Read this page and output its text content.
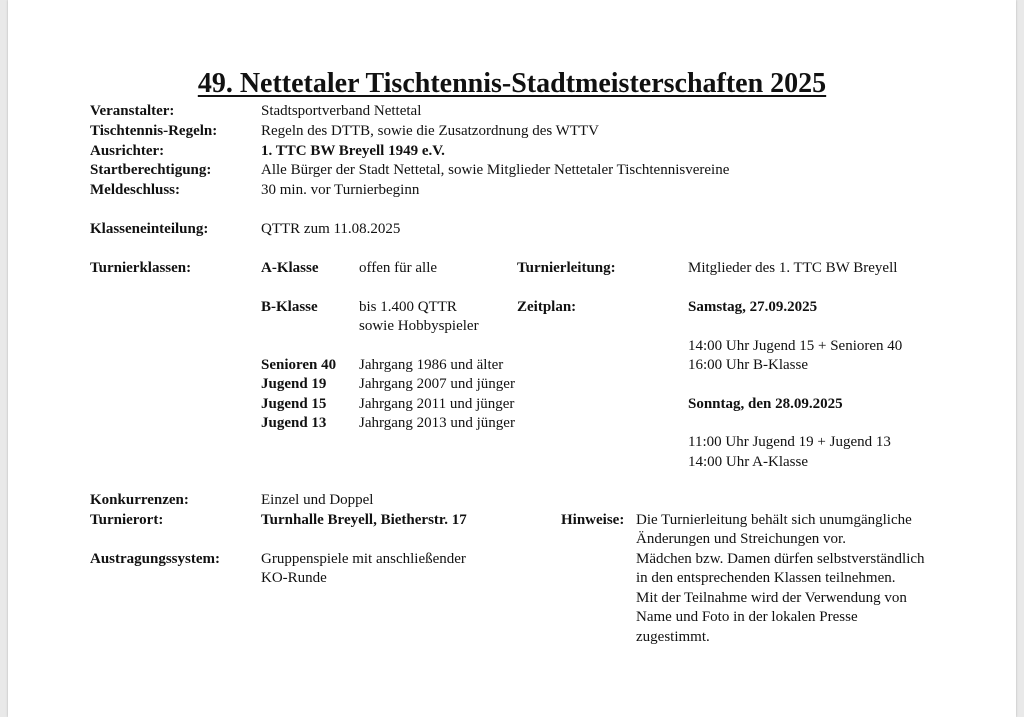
49. Nettetaler Tischtennis-Stadtmeisterschaften 2025
Veranstalter:	Stadtsportverband Nettetal
Tischtennis-Regeln:	Regeln des DTTB, sowie die Zusatzordnung des WTTV
Ausrichter:	1. TTC BW Breyell 1949 e.V.
Startberechtigung:	Alle Bürger der Stadt Nettetal, sowie Mitglieder Nettetaler Tischtennisvereine
Meldeschluss:	30 min. vor Turnierbeginn
Klasseneinteilung:	QTTR zum 11.08.2025
Turnierklassen:	A-Klasse	offen für alle
B-Klasse	bis 1.400 QTTR
sowie Hobbyspieler
Senioren 40 Jahrgang 1986 und älter
Jugend 19 Jahrgang 2007 und jünger
Jugend 15 Jahrgang 2011 und jünger
Jugend 13 Jahrgang 2013 und jünger
Turnierleitung:	Mitglieder des 1. TTC BW Breyell
Zeitplan:	Samstag, 27.09.2025
14:00 Uhr Jugend 15 + Senioren 40
16:00 Uhr B-Klasse
Sonntag, den 28.09.2025
11:00 Uhr Jugend 19 + Jugend 13
14:00 Uhr A-Klasse
Konkurrenzen:	Einzel und Doppel
Turnierort:	Turnhalle Breyell, Bietherstr. 17
Austragungssystem:	Gruppenspiele mit anschließender
KO-Runde
Hinweise: Die Turnierleitung behält sich unumgängliche
Änderungen und Streichungen vor.
Mädchen bzw. Damen dürfen selbstverständlich
in den entsprechenden Klassen teilnehmen.
Mit der Teilnahme wird der Verwendung von
Name und Foto in der lokalen Presse
zugestimmt.
